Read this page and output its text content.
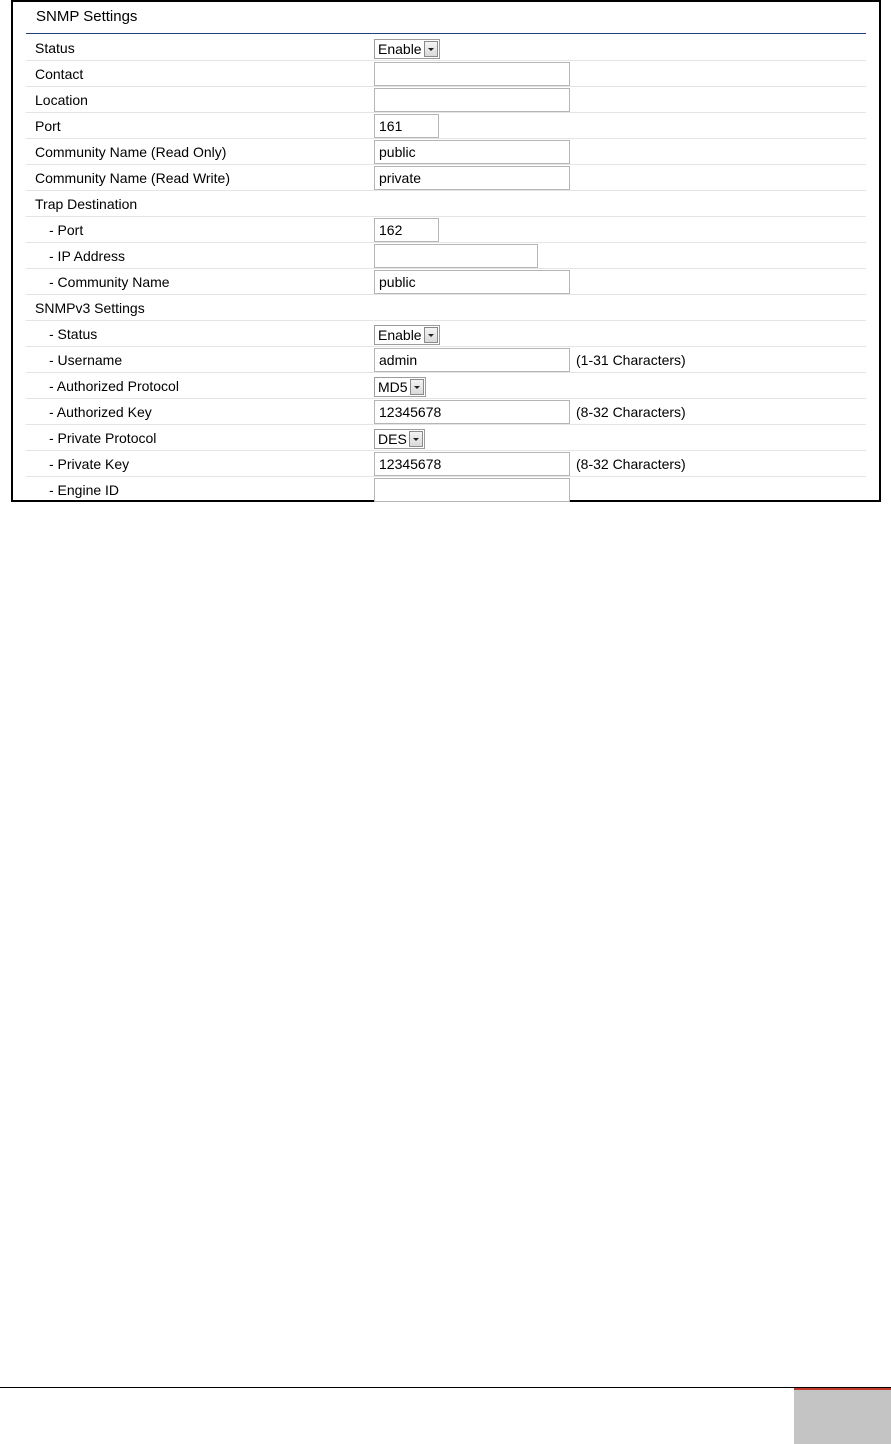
SNMP Settings
Status	Enable
Contact
Location
Port	161
Community Name (Read Only)	public
Community Name (Read Write)	private
Trap Destination
- Port	162
- IP Address
- Community Name	public
SNMPv3 Settings
- Status	Enable
- Username	admin	(1-31 Characters)
- Authorized Protocol	MD5
- Authorized Key	12345678	(8-32 Characters)
- Private Protocol	DES
- Private Key	12345678	(8-32 Characters)
- Engine ID
